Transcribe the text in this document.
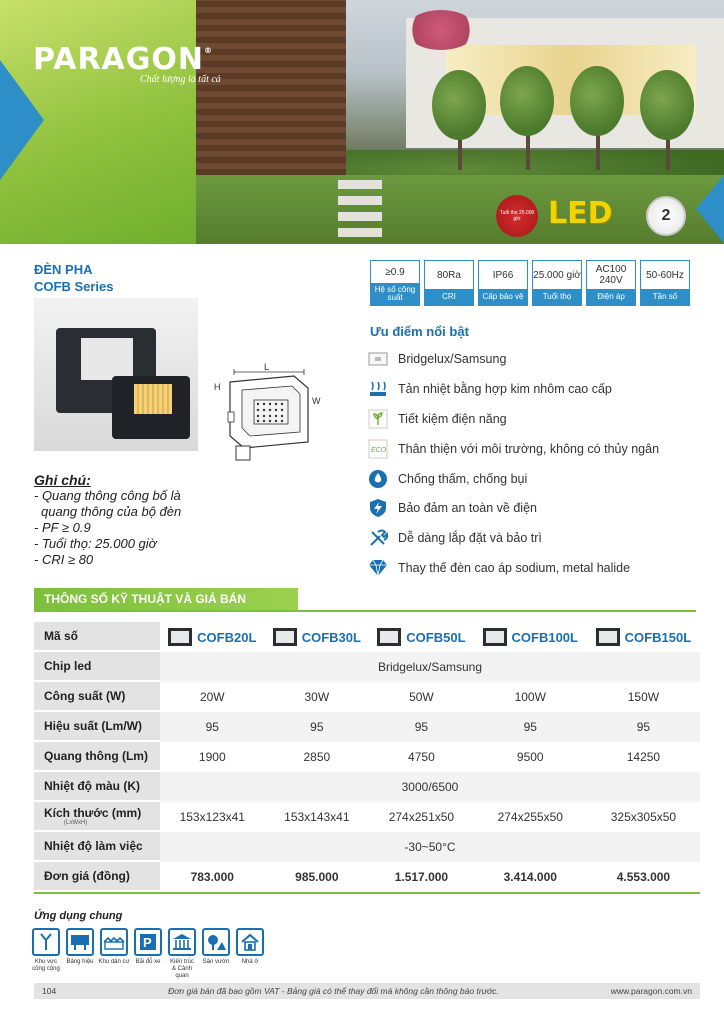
PARAGON®
Chất lượng là tất cả
Tuổi thọ 25.000 giờ LED	2
ĐÈN PHA
COFB Series
L
H
W
Ghi chú:
- Quang thông công bố là
quang thông của bộ đèn
- PF ≥ 0.9
- Tuổi thọ: 25.000 giờ
- CRI ≥ 80
≥0.9
Hệ số công suất
80Ra
CRI
IP66
Cấp bảo vệ
25.000 giờ
Tuổi thọ
AC100 240V
Điện áp
50-60Hz
Tần số
Ưu điểm nổi bật
Bridgelux/Samsung
Tản nhiệt bằng hợp kim nhôm cao cấp
Tiết kiệm điện năng
ECO Thân thiện với môi trường, không có thủy ngân
Chống thấm, chống bụi
Bảo đảm an toàn về điện
Dễ dàng lắp đặt và bảo trì
Thay thế đèn cao áp sodium, metal halide
THÔNG SỐ KỸ THUẬT VÀ GIÁ BÁN
Mã số	COFB20L	COFB30L	COFB50L	COFB100L	COFB150L

Chip led	Bridgelux/Samsung				
Công suất (W)	20W	30W	50W	100W	150W
Hiệu suất (Lm/W)	95	95	95	95	95
Quang thông (Lm)	1900	2850	4750	9500	14250
Nhiệt độ màu (K)	3000/6500				
Kích thước (mm)
(LxWxH)	153x123x41	153x143x41	274x251x50	274x255x50	325x305x50
Nhiệt độ làm việc	-30~50°C				
Đơn giá (đồng)	783.000	985.000	1.517.000	3.414.000	4.553.000
Ứng dụng chung
Khu vực
công cộng
Bảng hiệu Khu dân cư
P
Bãi đỗ xe	Kiến trúc
& Cảnh quan
Sân vườn Nhà ở
104	Đơn giá bán đã bao gồm VAT - Bảng giá có thể thay đổi mà không cần thông báo trước.	www.paragon.com.vn
